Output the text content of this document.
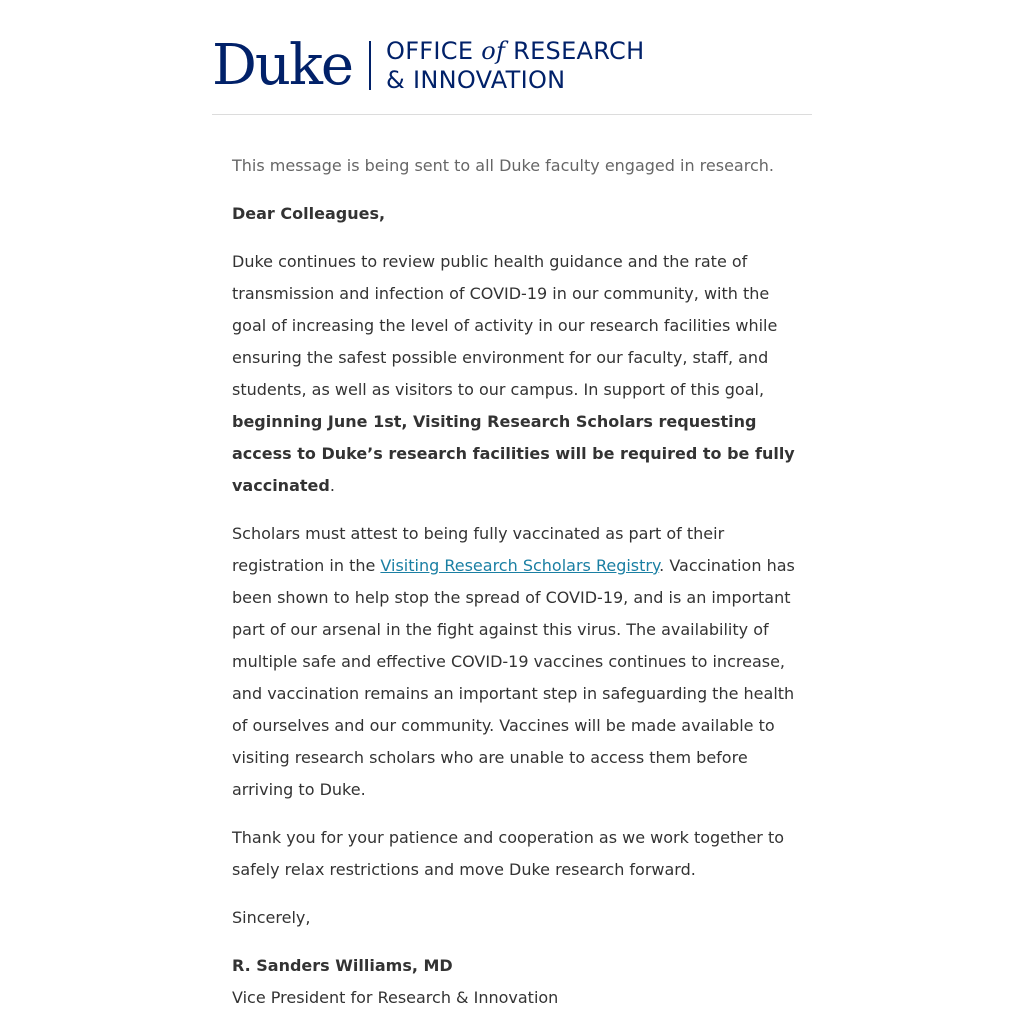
Duke OFFICE of RESEARCH
& INNOVATION

This message is being sent to all Duke faculty engaged in research.

Dear Colleagues,

Duke continues to review public health guidance and the rate of transmission and infection of COVID-19 in our community, with the goal of increasing the level of activity in our research facilities while ensuring the safest possible environment for our faculty, staff, and students, as well as visitors to our campus. In support of this goal, beginning June 1st, Visiting Research Scholars requesting access to Duke’s research facilities will be required to be fully vaccinated.

Scholars must attest to being fully vaccinated as part of their registration in the Visiting Research Scholars Registry. Vaccination has been shown to help stop the spread of COVID-19, and is an important part of our arsenal in the fight against this virus. The availability of multiple safe and effective COVID-19 vaccines continues to increase, and vaccination remains an important step in safeguarding the health of ourselves and our community. Vaccines will be made available to visiting research scholars who are unable to access them before arriving to Duke.

Thank you for your patience and cooperation as we work together to safely relax restrictions and move Duke research forward.

Sincerely,

R. Sanders Williams, MD
Vice President for Research & Innovation
